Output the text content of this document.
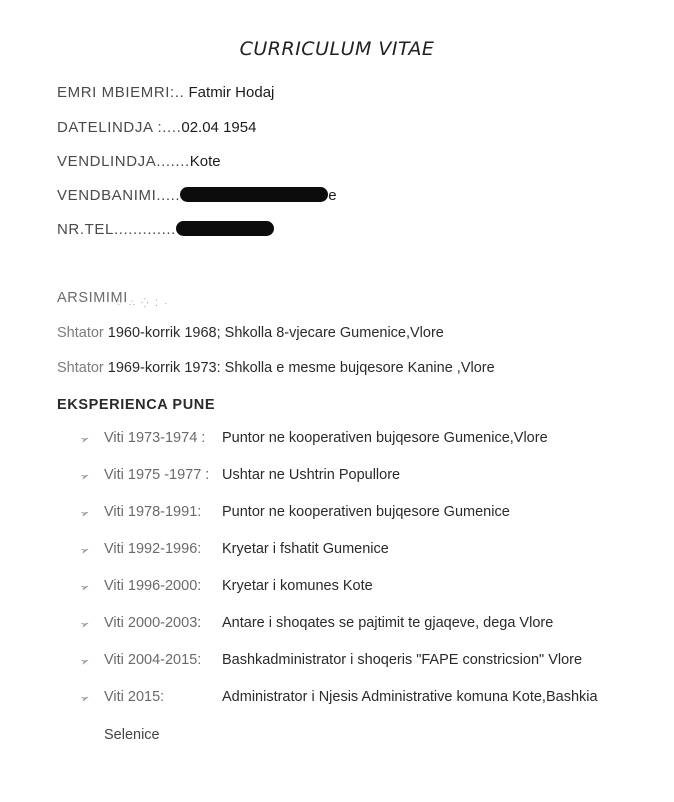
CURRICULUM VITAE
EMRI MBIEMRI:.. Fatmir Hodaj
DATELINDJA :....02.04 1954
VENDLINDJA.......Kote
VENDBANIMI.....	e
NR.TEL.............
ARSIMIMI
⁘ ∴ ⁛ ⁚ ·
Shtator 1960-korrik 1968; Shkolla 8-vjecare Gumenice,Vlore
Shtator 1969-korrik 1973: Shkolla e mesme bujqesore Kanine ,Vlore
EKSPERIENCA PUNE
➢ Viti 1973-1974 : Puntor ne kooperativen bujqesore Gumenice,Vlore
➢ Viti 1975 -1977 : Ushtar ne Ushtrin Popullore
➢ Viti 1978-1991: Puntor ne kooperativen bujqesore Gumenice
➢ Viti 1992-1996: Kryetar i fshatit Gumenice
➢ Viti 1996-2000: Kryetar i komunes Kote
➢ Viti 2000-2003: Antare i shoqates se pajtimit te gjaqeve, dega Vlore
➢ Viti 2004-2015: Bashkadministrator i shoqeris "FAPE constricsion" Vlore
➢ Viti 2015:	Administrator i Njesis Administrative komuna Kote,Bashkia
Selenice
